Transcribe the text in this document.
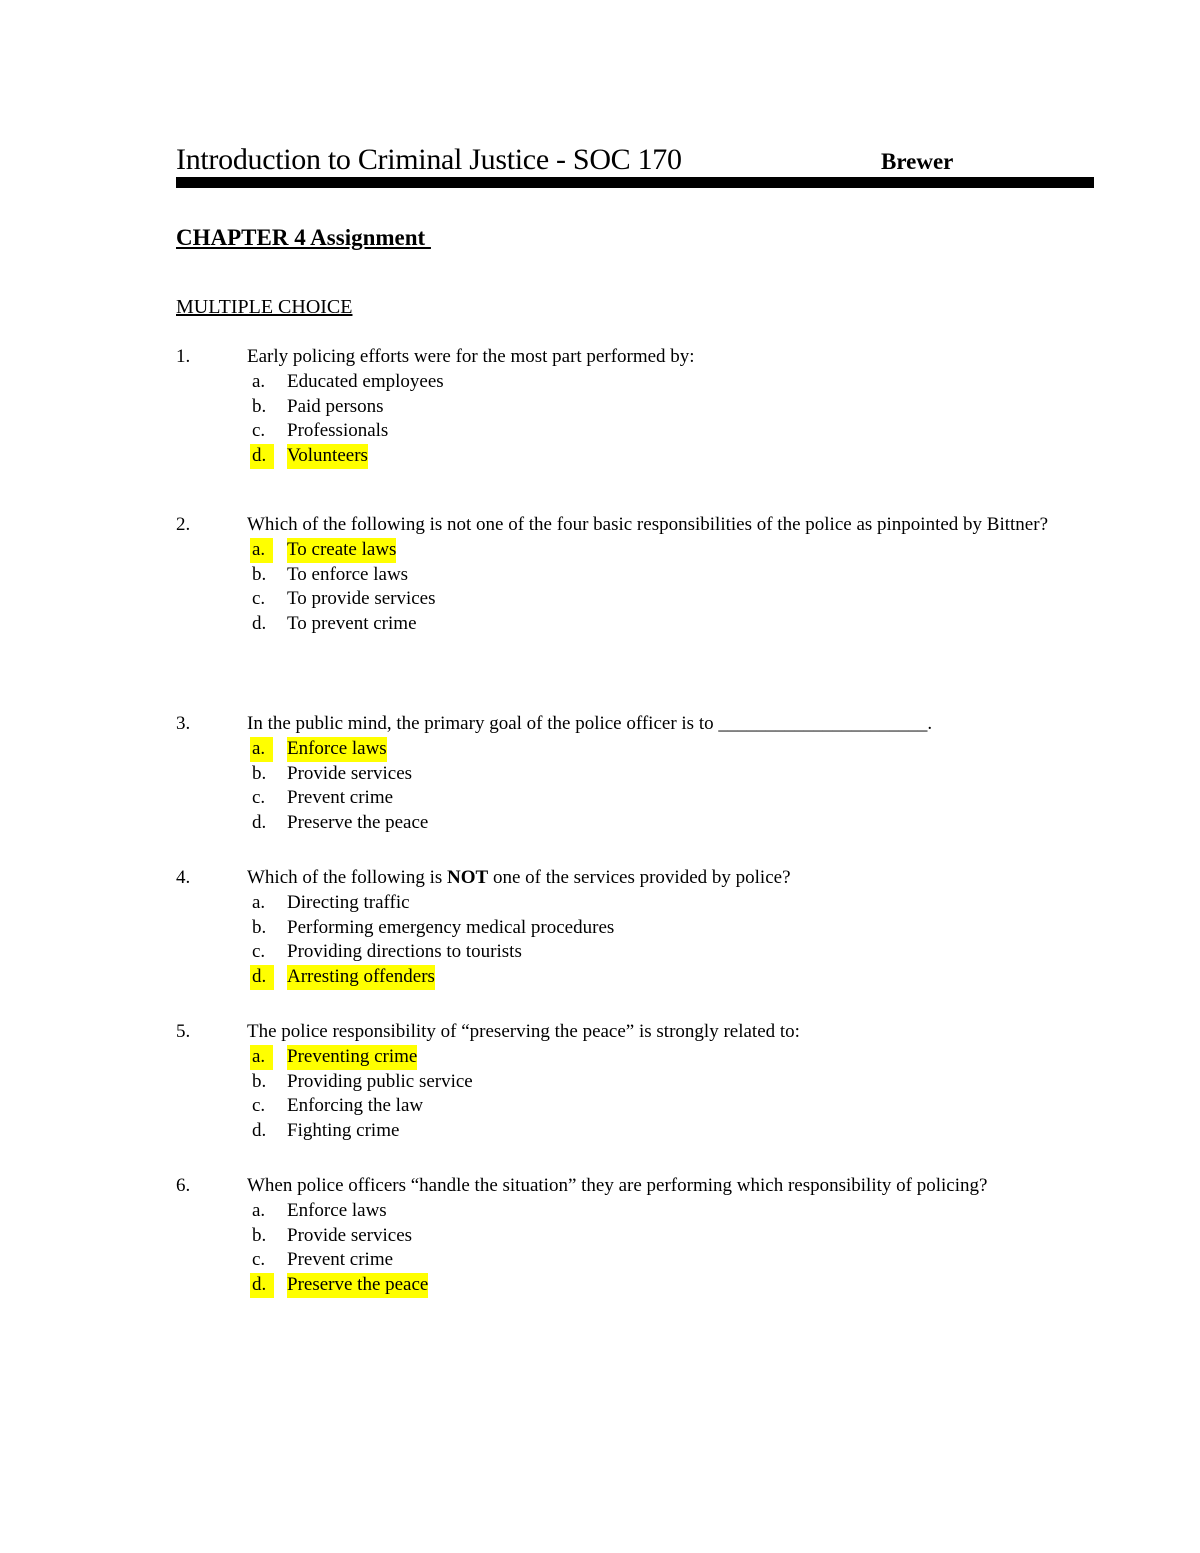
Introduction to Criminal Justice - SOC 170	Brewer
CHAPTER 4 Assignment
MULTIPLE CHOICE
1.	Early policing efforts were for the most part performed by:
a. Educated employees
b. Paid persons
c. Professionals
d.	Volunteers
2.	Which of the following is not one of the four basic responsibilities of the police as pinpointed by Bittner?
a.	To create laws
b. To enforce laws
c. To provide services
d. To prevent crime
3.	In the public mind, the primary goal of the police officer is to ______________________.
a.	Enforce laws
b. Provide services
c. Prevent crime
d. Preserve the peace
4.	Which of the following is NOT one of the services provided by police?
a. Directing traffic
b. Performing emergency medical procedures
c. Providing directions to tourists
d.	Arresting offenders
5.	The police responsibility of “preserving the peace” is strongly related to:
a.	Preventing crime
b. Providing public service
c. Enforcing the law
d. Fighting crime
6.	When police officers “handle the situation” they are performing which responsibility of policing?
a. Enforce laws
b. Provide services
c. Prevent crime
d.	Preserve the peace
